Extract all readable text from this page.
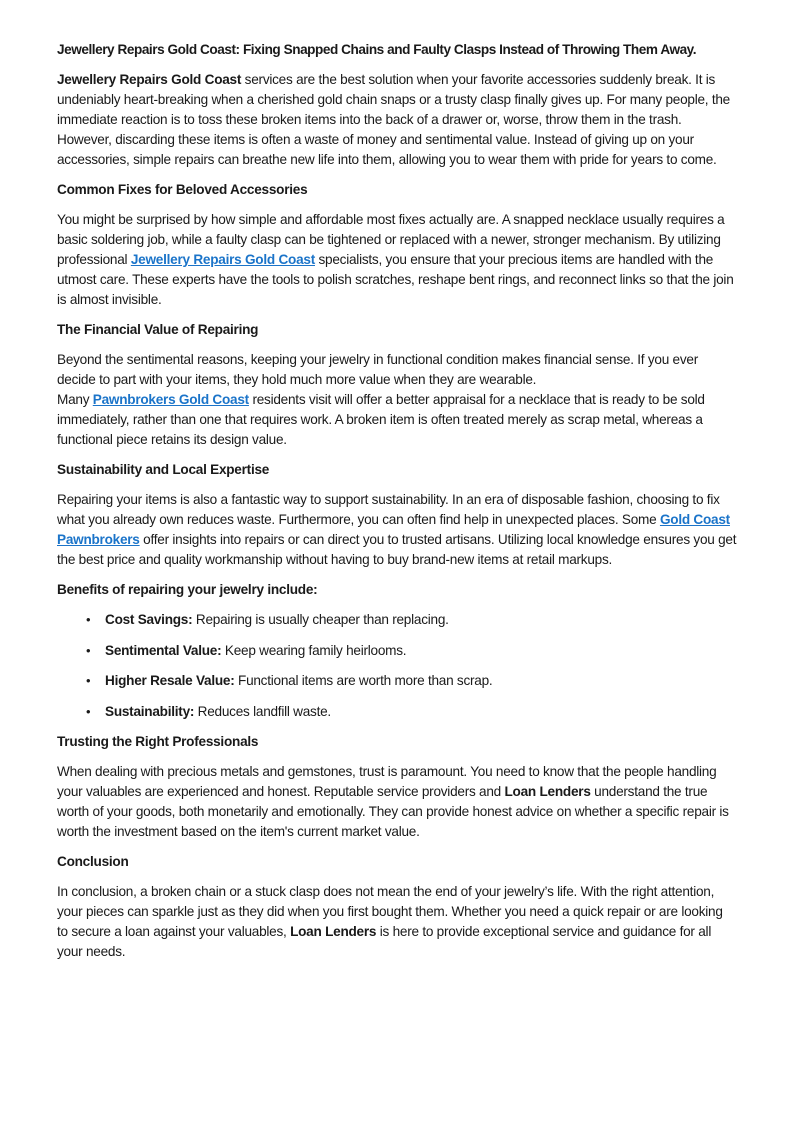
Jewellery Repairs Gold Coast: Fixing Snapped Chains and Faulty Clasps Instead of Throwing Them Away.

Jewellery Repairs Gold Coast services are the best solution when your favorite accessories suddenly break. It is undeniably heart-breaking when a cherished gold chain snaps or a trusty clasp finally gives up. For many people, the immediate reaction is to toss these broken items into the back of a drawer or, worse, throw them in the trash. However, discarding these items is often a waste of money and sentimental value. Instead of giving up on your accessories, simple repairs can breathe new life into them, allowing you to wear them with pride for years to come.

Common Fixes for Beloved Accessories

You might be surprised by how simple and affordable most fixes actually are. A snapped necklace usually requires a basic soldering job, while a faulty clasp can be tightened or replaced with a newer, stronger mechanism. By utilizing professional Jewellery Repairs Gold Coast specialists, you ensure that your precious items are handled with the utmost care. These experts have the tools to polish scratches, reshape bent rings, and reconnect links so that the join is almost invisible.

The Financial Value of Repairing

Beyond the sentimental reasons, keeping your jewelry in functional condition makes financial sense. If you ever decide to part with your items, they hold much more value when they are wearable.
Many Pawnbrokers Gold Coast residents visit will offer a better appraisal for a necklace that is ready to be sold immediately, rather than one that requires work. A broken item is often treated merely as scrap metal, whereas a functional piece retains its design value.

Sustainability and Local Expertise

Repairing your items is also a fantastic way to support sustainability. In an era of disposable fashion, choosing to fix what you already own reduces waste. Furthermore, you can often find help in unexpected places. Some Gold Coast Pawnbrokers offer insights into repairs or can direct you to trusted artisans. Utilizing local knowledge ensures you get the best price and quality workmanship without having to buy brand-new items at retail markups.

Benefits of repairing your jewelry include:
• Cost Savings: Repairing is usually cheaper than replacing.
• Sentimental Value: Keep wearing family heirlooms.
• Higher Resale Value: Functional items are worth more than scrap.
• Sustainability: Reduces landfill waste.
Trusting the Right Professionals

When dealing with precious metals and gemstones, trust is paramount. You need to know that the people handling your valuables are experienced and honest. Reputable service providers and Loan Lenders understand the true worth of your goods, both monetarily and emotionally. They can provide honest advice on whether a specific repair is worth the investment based on the item's current market value.

Conclusion

In conclusion, a broken chain or a stuck clasp does not mean the end of your jewelry’s life. With the right attention, your pieces can sparkle just as they did when you first bought them. Whether you need a quick repair or are looking to secure a loan against your valuables, Loan Lenders is here to provide exceptional service and guidance for all your needs.
